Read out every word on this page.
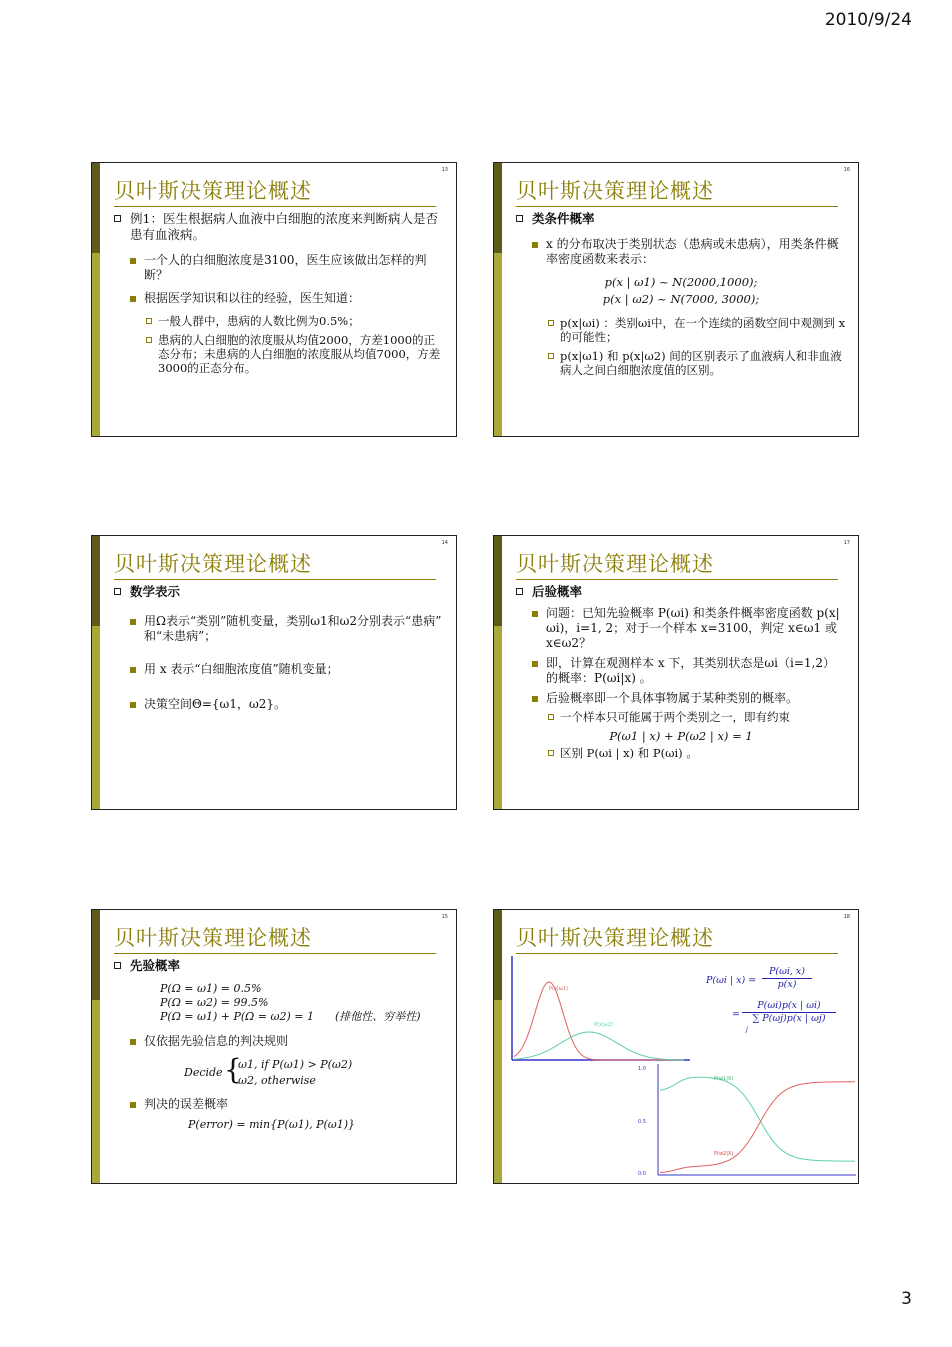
2010/9/24
13
贝叶斯决策理论概述
例1：医生根据病人血液中白细胞的浓度来判断病人是否患有血液病。
一个人的白细胞浓度是3100，医生应该做出怎样的判断？
根据医学知识和以往的经验，医生知道：
一般人群中，患病的人数比例为0.5%；
患病的人白细胞的浓度服从均值2000，方差1000的正态分布；未患病的人白细胞的浓度服从均值7000，方差3000的正态分布。
16
贝叶斯决策理论概述
类条件概率
x 的分布取决于类别状态（患病或未患病），用类条件概率密度函数来表示：
p(x | ω1) ~ N(2000,1000);
p(x | ω2) ~ N(7000, 3000);
p(x|ωi) ：类别ωi中，在一个连续的函数空间中观测到 x 的可能性；
p(x|ω1) 和 p(x|ω2) 间的区别表示了血液病人和非血液病人之间白细胞浓度值的区别。
14
贝叶斯决策理论概述
数学表示
用Ω表示“类别”随机变量，类别ω1和ω2分别表示“患病” 和“未患病”；
用 x 表示“白细胞浓度值”随机变量；
决策空间Θ={ω1，ω2}。
17
贝叶斯决策理论概述
后验概率
问题：已知先验概率 P(ωi) 和类条件概率密度函数 p(x|ωi)，i=1, 2；对于一个样本 x=3100，判定 x∈ω1 或 x∈ω2？
即，计算在观测样本 x 下，其类别状态是ωi（i=1,2）的概率：P(ωi|x) 。
后验概率即一个具体事物属于某种类别的概率。
一个样本只可能属于两个类别之一，即有约束
P(ω1 | x) + P(ω2 | x) = 1
区别 P(ωi | x) 和 P(ωi) 。
15
贝叶斯决策理论概述
先验概率
P(Ω = ω1) = 0.5%
P(Ω = ω2) = 99.5%
P(Ω = ω1) + P(Ω = ω2) = 1      (排他性、穷举性)
仅依据先验信息的判决规则
Decide {
ω1, if P(ω1) > P(ω2)
ω2, otherwise
判决的误差概率
P(error) = min{P(ω1), P(ω1)}
18
贝叶斯决策理论概述
P(ωi | x) =
P(ωi, x)
p(x)
=
P(ωi)p(x | ωi)
∑ P(ωj)p(x | ωj)
j
P(x|ω1)
P(x|ω2)
1.0
0.5
0.0
P(w1|X)
P(w2|X)
3
